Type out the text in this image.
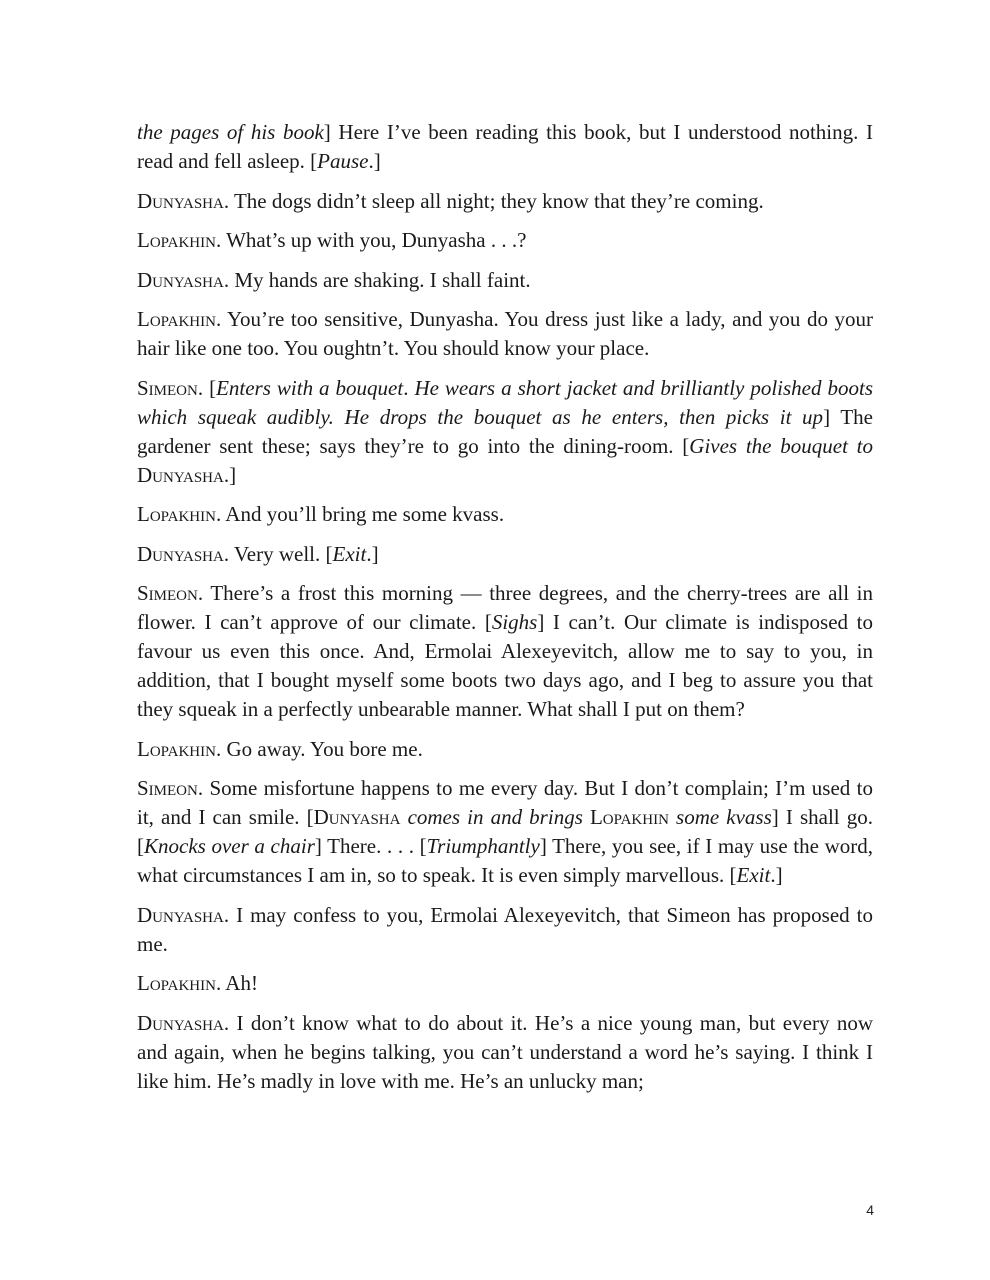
the pages of his book] Here I’ve been reading this book, but I understood nothing. I read and fell asleep. [Pause.]

Dunyasha. The dogs didn’t sleep all night; they know that they’re coming.

Lopakhin. What’s up with you, Dunyasha . . .?

Dunyasha. My hands are shaking. I shall faint.

Lopakhin. You’re too sensitive, Dunyasha. You dress just like a lady, and you do your hair like one too. You oughtn’t. You should know your place.

Simeon. [Enters with a bouquet. He wears a short jacket and brilliantly polished boots which squeak audibly. He drops the bouquet as he enters, then picks it up] The gardener sent these; says they’re to go into the dining-room. [Gives the bouquet to Dunyasha.]

Lopakhin. And you’ll bring me some kvass.

Dunyasha. Very well. [Exit.]

Simeon. There’s a frost this morning — three degrees, and the cherry-trees are all in flower. I can’t approve of our climate. [Sighs] I can’t. Our climate is indisposed to favour us even this once. And, Ermolai Alexeyevitch, allow me to say to you, in addition, that I bought myself some boots two days ago, and I beg to assure you that they squeak in a perfectly unbearable manner. What shall I put on them?

Lopakhin. Go away. You bore me.

Simeon. Some misfortune happens to me every day. But I don’t complain; I’m used to it, and I can smile. [Dunyasha comes in and brings Lopakhin some kvass] I shall go. [Knocks over a chair] There. . . . [Triumphantly] There, you see, if I may use the word, what circumstances I am in, so to speak. It is even simply marvellous. [Exit.]

Dunyasha. I may confess to you, Ermolai Alexeyevitch, that Simeon has proposed to me.

Lopakhin. Ah!

Dunyasha. I don’t know what to do about it. He’s a nice young man, but every now and again, when he begins talking, you can’t understand a word he’s saying. I think I like him. He’s madly in love with me. He’s an unlucky man;

4
